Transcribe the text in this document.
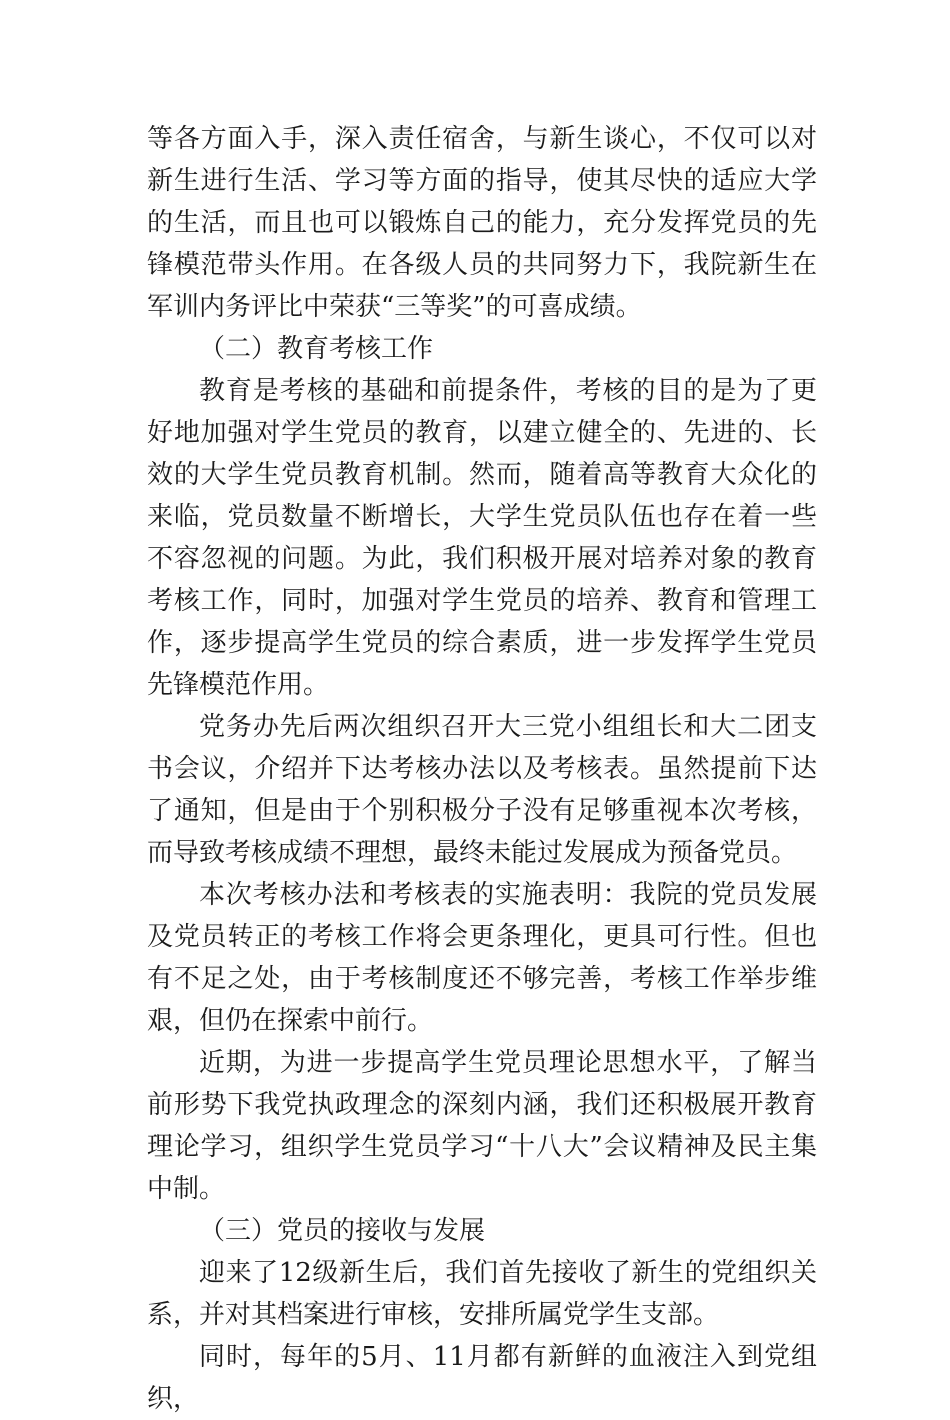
等各方面入手，深入责任宿舍，与新生谈心，不仅可以对新生进行生活、学习等方面的指导，使其尽快的适应大学的生活，而且也可以锻炼自己的能力，充分发挥党员的先锋模范带头作用。在各级人员的共同努力下，我院新生在军训内务评比中荣获“三等奖”的可喜成绩。

（二）教育考核工作

教育是考核的基础和前提条件，考核的目的是为了更好地加强对学生党员的教育，以建立健全的、先进的、长效的大学生党员教育机制。然而，随着高等教育大众化的来临，党员数量不断增长，大学生党员队伍也存在着一些不容忽视的问题。为此，我们积极开展对培养对象的教育考核工作，同时，加强对学生党员的培养、教育和管理工作，逐步提高学生党员的综合素质，进一步发挥学生党员先锋模范作用。

党务办先后两次组织召开大三党小组组长和大二团支书会议，介绍并下达考核办法以及考核表。虽然提前下达了通知，但是由于个别积极分子没有足够重视本次考核，而导致考核成绩不理想，最终未能过发展成为预备党员。

本次考核办法和考核表的实施表明：我院的党员发展及党员转正的考核工作将会更条理化，更具可行性。但也有不足之处，由于考核制度还不够完善，考核工作举步维艰，但仍在探索中前行。

近期，为进一步提高学生党员理论思想水平，了解当前形势下我党执政理念的深刻内涵，我们还积极展开教育理论学习，组织学生党员学习“十八大”会议精神及民主集中制。

（三）党员的接收与发展

迎来了12级新生后，我们首先接收了新生的党组织关系，并对其档案进行审核，安排所属党学生支部。

同时，每年的5月、11月都有新鲜的血液注入到党组织，
